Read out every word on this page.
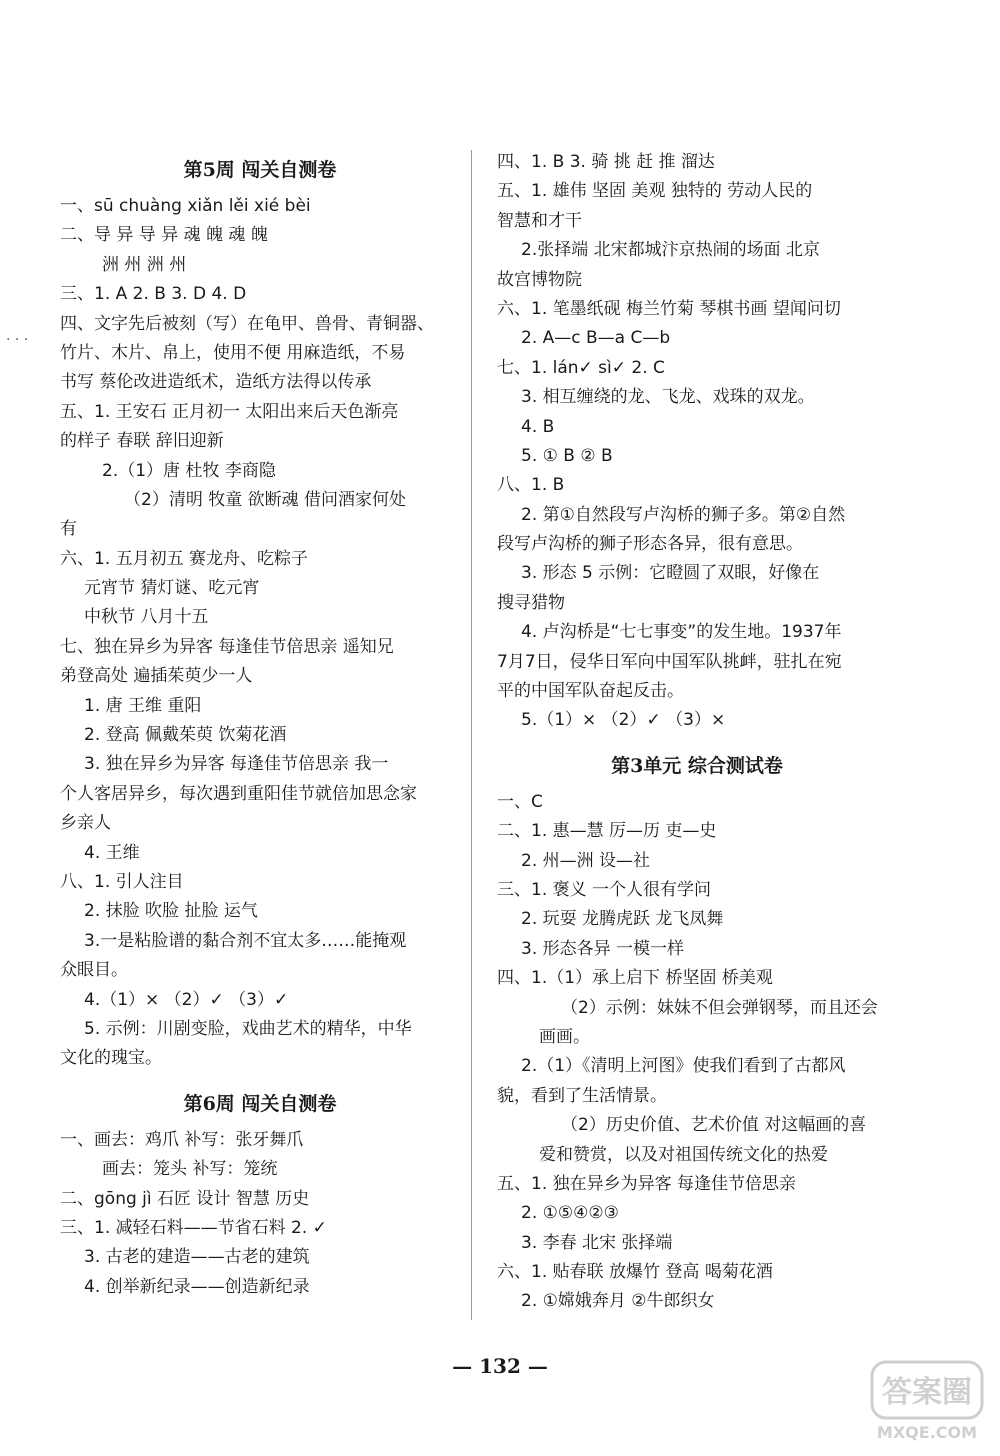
第5周 闯关自测卷
一、sū chuàng xiǎn lěi xié bèi
二、导 异 导 异 魂 魄 魂 魄
洲 州 洲 州
三、1. A 2. B 3. D 4. D
四、文字先后被刻（写）在龟甲、兽骨、青铜器、
竹片、木片、帛上，使用不便 用麻造纸，不易
书写 蔡伦改进造纸术，造纸方法得以传承
五、1. 王安石 正月初一 太阳出来后天色渐亮
的样子 春联 辞旧迎新
2.（1）唐 杜牧 李商隐
（2）清明 牧童 欲断魂 借问酒家何处
有
六、1. 五月初五 赛龙舟、吃粽子
元宵节 猜灯谜、吃元宵
中秋节 八月十五
七、独在异乡为异客 每逢佳节倍思亲 遥知兄
弟登高处 遍插茱萸少一人
1. 唐 王维 重阳
2. 登高 佩戴茱萸 饮菊花酒
3. 独在异乡为异客 每逢佳节倍思亲 我一
个人客居异乡，每次遇到重阳佳节就倍加思念家
乡亲人
4. 王维
八、1. 引人注目
2. 抹脸 吹脸 扯脸 运气
3.一是粘脸谱的黏合剂不宜太多……能掩观
众眼目。
4.（1）× （2）✓ （3）✓
5. 示例：川剧变脸，戏曲艺术的精华，中华
文化的瑰宝。
第6周 闯关自测卷
一、画去：鸡爪 补写：张牙舞爪
画去：笼头 补写：笼统
二、gōng jì 石匠 设计 智慧 历史
三、1. 减轻石料——节省石料 2. ✓
3. 古老的建造——古老的建筑
4. 创举新纪录——创造新纪录
四、1. B 3. 骑 挑 赶 推 溜达
五、1. 雄伟 坚固 美观 独特的 劳动人民的
智慧和才干
2.张择端 北宋都城汴京热闹的场面 北京
故宫博物院
六、1. 笔墨纸砚 梅兰竹菊 琴棋书画 望闻问切
2. A—c B—a C—b
七、1. lán✓ sì✓ 2. C
3. 相互缠绕的龙、飞龙、戏珠的双龙。
4. B
5. ① B ② B
八、1. B
2. 第①自然段写卢沟桥的狮子多。第②自然
段写卢沟桥的狮子形态各异，很有意思。
3. 形态 5 示例：它瞪圆了双眼，好像在
搜寻猎物
4. 卢沟桥是“七七事变”的发生地。1937年
7月7日，侵华日军向中国军队挑衅，驻扎在宛
平的中国军队奋起反击。
5.（1）× （2）✓ （3）×
第3单元 综合测试卷
一、C
二、1. 惠—慧 厉—历 吏—史
2. 州—洲 设—社
三、1. 褒义 一个人很有学问
2. 玩耍 龙腾虎跃 龙飞凤舞
3. 形态各异 一模一样
四、1.（1）承上启下 桥坚固 桥美观
（2）示例：妹妹不但会弹钢琴，而且还会
画画。
2.（1）《清明上河图》使我们看到了古都风
貌，看到了生活情景。
（2）历史价值、艺术价值 对这幅画的喜
爱和赞赏，以及对祖国传统文化的热爱
五、1. 独在异乡为异客 每逢佳节倍思亲
2. ①⑤④②③
3. 李春 北宋 张择端
六、1. 贴春联 放爆竹 登高 喝菊花酒
2. ①嫦娥奔月 ②牛郎织女
· · ·
— 132 —
答案圈
MXQE.COM
